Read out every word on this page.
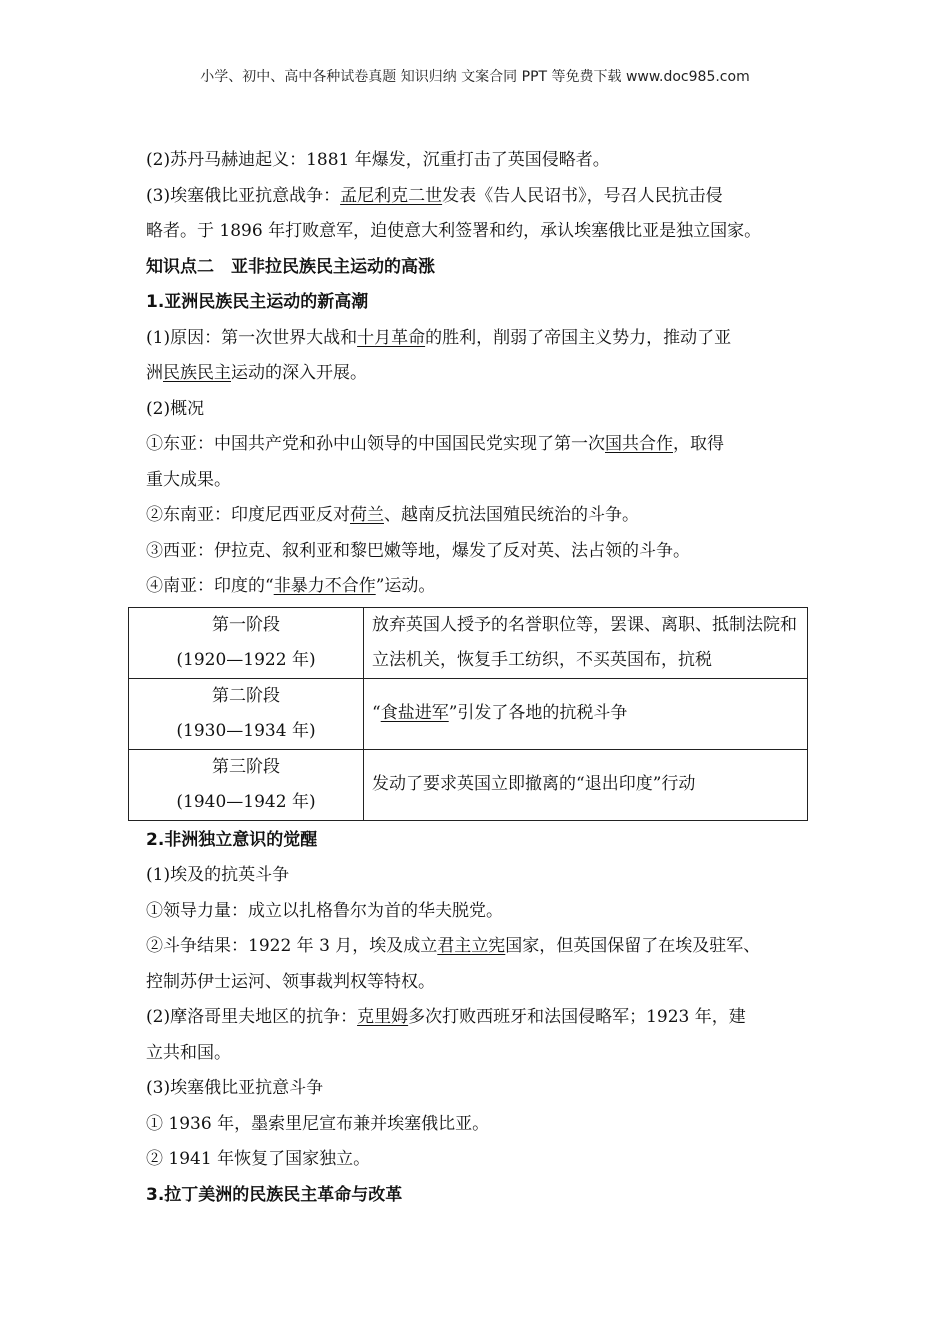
小学、初中、高中各种试卷真题 知识归纳 文案合同 PPT 等免费下载 www.doc985.com
(2)苏丹马赫迪起义：1881 年爆发，沉重打击了英国侵略者。
(3)埃塞俄比亚抗意战争：孟尼利克二世发表《告人民诏书》，号召人民抗击侵
略者。于 1896 年打败意军，迫使意大利签署和约，承认埃塞俄比亚是独立国家。
知识点二　亚非拉民族民主运动的高涨
1.亚洲民族民主运动的新高潮
(1)原因：第一次世界大战和十月革命的胜利，削弱了帝国主义势力，推动了亚
洲民族民主运动的深入开展。
(2)概况
①东亚：中国共产党和孙中山领导的中国国民党实现了第一次国共合作，取得
重大成果。
②东南亚：印度尼西亚反对荷兰、越南反抗法国殖民统治的斗争。
③西亚：伊拉克、叙利亚和黎巴嫩等地，爆发了反对英、法占领的斗争。
④南亚：印度的“非暴力不合作”运动。
第一阶段
(1920—1922 年)	放弃英国人授予的名誉职位等，罢课、离职、抵制法院和立法机关，恢复手工纺织，不买英国布，抗税

第二阶段
(1930—1934 年)	“食盐进军”引发了各地的抗税斗争

第三阶段
(1940—1942 年)	发动了要求英国立即撤离的“退出印度”行动
2.非洲独立意识的觉醒
(1)埃及的抗英斗争
①领导力量：成立以扎格鲁尔为首的华夫脱党。
②斗争结果：1922 年 3 月，埃及成立君主立宪国家，但英国保留了在埃及驻军、
控制苏伊士运河、领事裁判权等特权。
(2)摩洛哥里夫地区的抗争：克里姆多次打败西班牙和法国侵略军；1923 年，建
立共和国。
(3)埃塞俄比亚抗意斗争
① 1936 年，墨索里尼宣布兼并埃塞俄比亚。
② 1941 年恢复了国家独立。
3.拉丁美洲的民族民主革命与改革
